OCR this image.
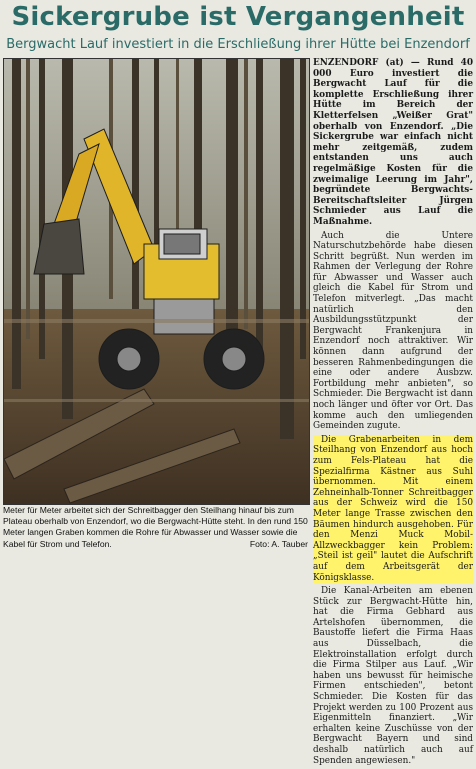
Sickergrube ist Vergangenheit
Bergwacht Lauf investiert in die Erschließung ihrer Hütte bei Enzendorf
Meter für Meter arbeitet sich der Schreitbagger den Steilhang hinauf bis zum Plateau oberhalb von Enzendorf, wo die Bergwacht-Hütte steht. In den rund 150 Meter langen Graben kommen die Rohre für Abwasser und Wasser sowie die Kabel für Strom und Telefon.	Foto: A. Tauber

ENZENDORF (at) — Rund 40 000 Euro investiert die Bergwacht Lauf für die komplette Erschließung ihrer Hütte im Bereich der Kletterfelsen „Weißer Grat" oberhalb von Enzendorf. „Die Sickergrube war einfach nicht mehr zeitgemäß, zudem entstanden uns auch regelmäßige Kosten für die zweimalige Leerung im Jahr", begründete Bergwachts-Bereitschaftsleiter Jürgen Schmieder aus Lauf die Maßnahme.

Auch die Untere Naturschutzbehörde habe diesen Schritt begrüßt. Nun werden im Rahmen der Verlegung der Rohre für Abwasser und Wasser auch gleich die Kabel für Strom und Telefon mitverlegt. „Das macht natürlich den Ausbildungsstützpunkt der Bergwacht Frankenjura in Enzendorf noch attraktiver. Wir können dann aufgrund der besseren Rahmenbedingungen die eine oder andere Ausbzw. Fortbildung mehr anbieten", so Schmieder. Die Bergwacht ist dann noch länger und öfter vor Ort. Das komme auch den umliegenden Gemeinden zugute.

Die Grabenarbeiten in dem Steilhang von Enzendorf aus hoch zum Fels-Plateau hat die Spezialfirma Kästner aus Suhl übernommen. Mit einem Zehneinhalb-Tonner Schreitbagger aus der Schweiz wird die 150 Meter lange Trasse zwischen den Bäumen hindurch ausgehoben. Für den Menzi Muck Mobil-Allzweckbagger kein Problem: „Steil ist geil" lautet die Aufschrift auf dem Arbeitsgerät der Königsklasse.

Die Kanal-Arbeiten am ebenen Stück zur Bergwacht-Hütte hin, hat die Firma Gebhard aus Artelshofen übernommen, die Baustoffe liefert die Firma Haas aus Düsselbach, die Elektroinstallation erfolgt durch die Firma Stilper aus Lauf. „Wir haben uns bewusst für heimische Firmen entschieden", betont Schmieder. Die Kosten für das Projekt werden zu 100 Prozent aus Eigenmitteln finanziert. „Wir erhalten keine Zuschüsse von der Bergwacht Bayern und sind deshalb natürlich auch auf Spenden angewiesen."
